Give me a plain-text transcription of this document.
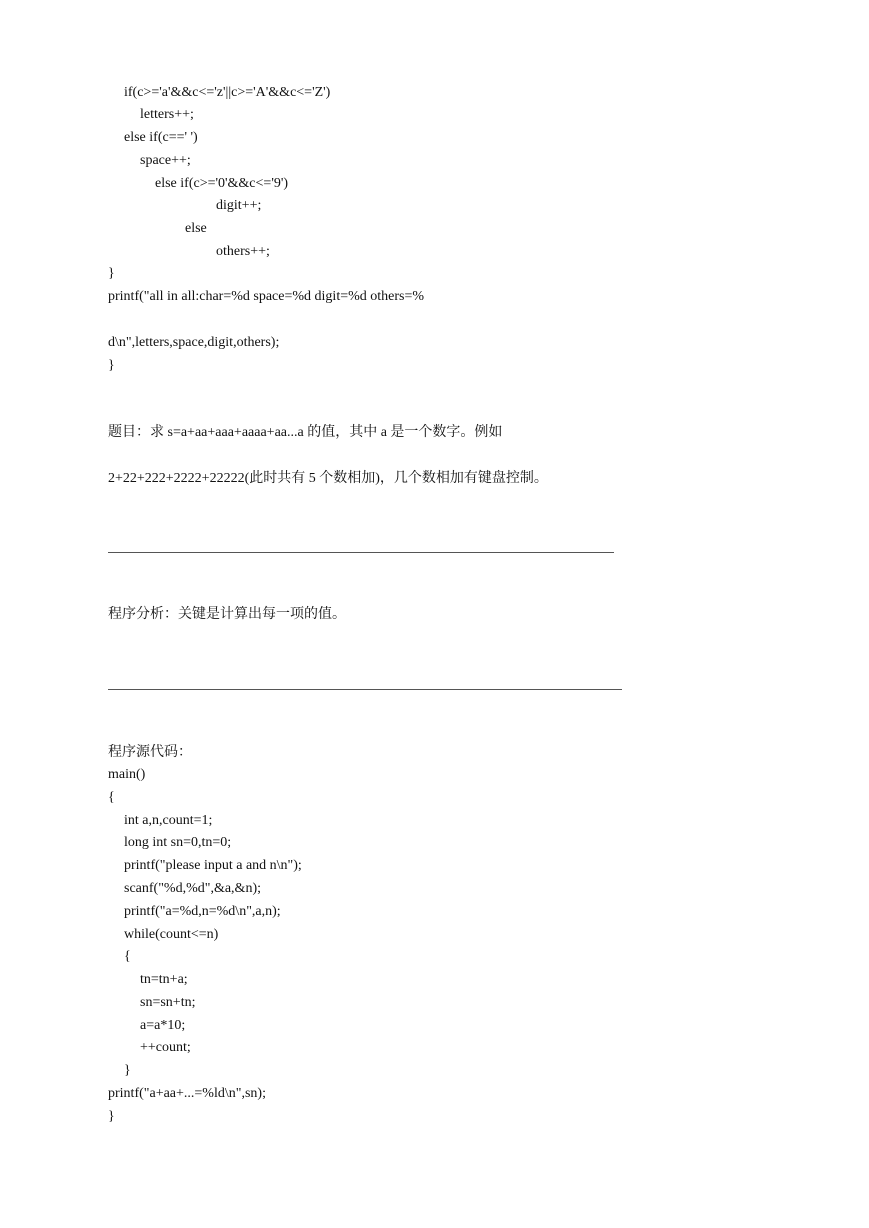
if(c>='a'&&c<='z'||c>='A'&&c<='Z')
letters++;
else if(c==' ')
space++;
else if(c>='0'&&c<='9')
digit++;
else
others++;
}
printf("all in all:char=%d space=%d digit=%d others=%
d\n",letters,space,digit,others);
}
题目：求 s=a+aa+aaa+aaaa+aa...a 的值，其中 a 是一个数字。例如
2+22+222+2222+22222(此时共有 5 个数相加)，几个数相加有键盘控制。
程序分析：关键是计算出每一项的值。
程序源代码：
main()
{
int a,n,count=1;
long int sn=0,tn=0;
printf("please input a and n\n");
scanf("%d,%d",&a,&n);
printf("a=%d,n=%d\n",a,n);
while(count<=n)
{
tn=tn+a;
sn=sn+tn;
a=a*10;
++count;
}
printf("a+aa+...=%ld\n",sn);
}
